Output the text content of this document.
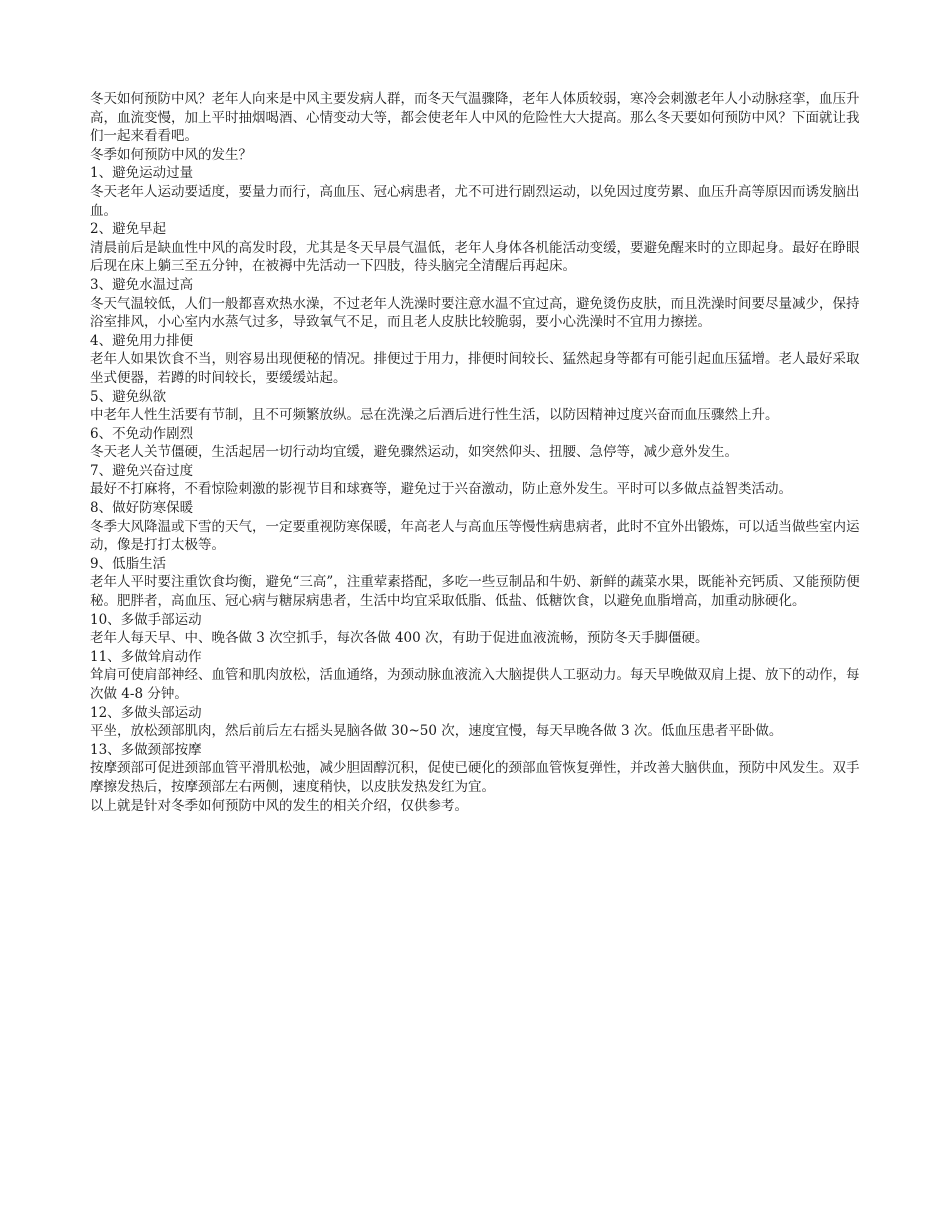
冬天如何预防中风？老年人向来是中风主要发病人群，而冬天气温骤降，老年人体质较弱，寒冷会刺激老年人小动脉痉挛，血压升高，血流变慢，加上平时抽烟喝酒、心情变动大等，都会使老年人中风的危险性大大提高。那么冬天要如何预防中风？下面就让我们一起来看看吧。

冬季如何预防中风的发生？

1、避免运动过量

冬天老年人运动要适度，要量力而行，高血压、冠心病患者，尤不可进行剧烈运动，以免因过度劳累、血压升高等原因而诱发脑出血。

2、避免早起

清晨前后是缺血性中风的高发时段，尤其是冬天早晨气温低，老年人身体各机能活动变缓，要避免醒来时的立即起身。最好在睁眼后现在床上躺三至五分钟，在被褥中先活动一下四肢，待头脑完全清醒后再起床。

3、避免水温过高

冬天气温较低，人们一般都喜欢热水澡，不过老年人洗澡时要注意水温不宜过高，避免烫伤皮肤，而且洗澡时间要尽量减少，保持浴室排风，小心室内水蒸气过多，导致氧气不足，而且老人皮肤比较脆弱，要小心洗澡时不宜用力擦搓。

4、避免用力排便

老年人如果饮食不当，则容易出现便秘的情况。排便过于用力，排便时间较长、猛然起身等都有可能引起血压猛增。老人最好采取坐式便器，若蹲的时间较长，要缓缓站起。

5、避免纵欲

中老年人性生活要有节制，且不可频繁放纵。忌在洗澡之后酒后进行性生活，以防因精神过度兴奋而血压骤然上升。

6、不免动作剧烈

冬天老人关节僵硬，生活起居一切行动均宜缓，避免骤然运动，如突然仰头、扭腰、急停等，减少意外发生。

7、避免兴奋过度

最好不打麻将，不看惊险刺激的影视节目和球赛等，避免过于兴奋激动，防止意外发生。平时可以多做点益智类活动。

8、做好防寒保暖

冬季大风降温或下雪的天气，一定要重视防寒保暖，年高老人与高血压等慢性病患病者，此时不宜外出锻炼，可以适当做些室内运动，像是打打太极等。

9、低脂生活

老年人平时要注重饮食均衡，避免“三高”，注重荤素搭配，多吃一些豆制品和牛奶、新鲜的蔬菜水果，既能补充钙质、又能预防便秘。肥胖者，高血压、冠心病与糖尿病患者，生活中均宜采取低脂、低盐、低糖饮食，以避免血脂增高，加重动脉硬化。

10、多做手部运动

老年人每天早、中、晚各做 3 次空抓手，每次各做 400 次，有助于促进血液流畅，预防冬天手脚僵硬。

11、多做耸肩动作

耸肩可使肩部神经、血管和肌肉放松，活血通络，为颈动脉血液流入大脑提供人工驱动力。每天早晚做双肩上提、放下的动作，每次做 4-8 分钟。

12、多做头部运动

平坐，放松颈部肌肉，然后前后左右摇头晃脑各做 30~50 次，速度宜慢，每天早晚各做 3 次。低血压患者平卧做。

13、多做颈部按摩

按摩颈部可促进颈部血管平滑肌松弛，减少胆固醇沉积，促使已硬化的颈部血管恢复弹性，并改善大脑供血，预防中风发生。双手摩擦发热后，按摩颈部左右两侧，速度稍快，以皮肤发热发红为宜。

以上就是针对冬季如何预防中风的发生的相关介绍，仅供参考。
